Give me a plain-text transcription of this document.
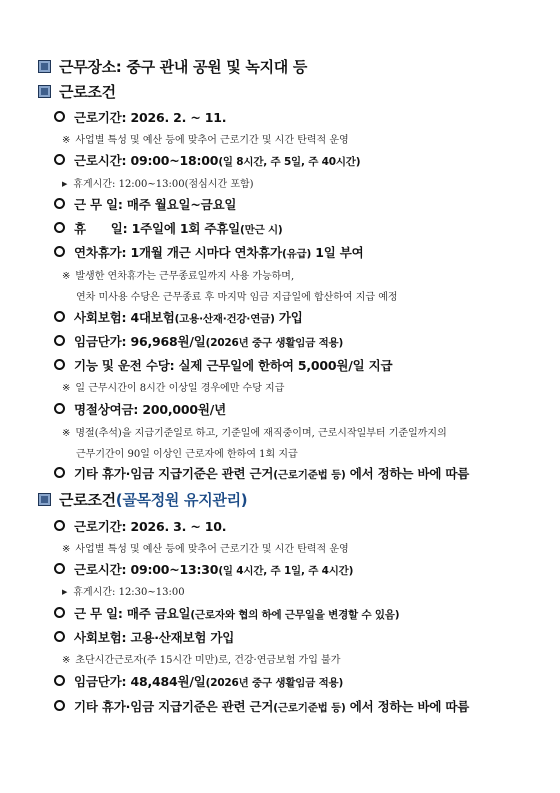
근무장소: 중구 관내 공원 및 녹지대 등
근로조건
근로기간: 2026. 2. ~ 11.
※ 사업별 특성 및 예산 등에 맞추어 근로기간 및 시간 탄력적 운영
근로시간: 09:00~18:00(일 8시간, 주 5일, 주 40시간)
▶ 휴게시간: 12:00~13:00(점심시간 포함)
근 무 일: 매주 월요일~금요일
휴      일: 1주일에 1회 주휴일(만근 시)
연차휴가: 1개월 개근 시마다 연차휴가(유급) 1일 부여
※ 발생한 연차휴가는 근무종료일까지 사용 가능하며,
연차 미사용 수당은 근무종료 후 마지막 임금 지급일에 합산하여 지급 예정
사회보험: 4대보험(고용·산재·건강·연금) 가입
임금단가: 96,968원/일(2026년 중구 생활임금 적용)
기능 및 운전 수당: 실제 근무일에 한하여 5,000원/일 지급
※ 일 근무시간이 8시간 이상일 경우에만 수당 지급
명절상여금: 200,000원/년
※ 명절(추석)을 지급기준일로 하고, 기준일에 재직중이며, 근로시작일부터 기준일까지의
근무기간이 90일 이상인 근로자에 한하여 1회 지급
기타 휴가·임금 지급기준은 관련 근거(근로기준법 등) 에서 정하는 바에 따름
근로조건(골목정원 유지관리)
근로기간: 2026. 3. ~ 10.
※ 사업별 특성 및 예산 등에 맞추어 근로기간 및 시간 탄력적 운영
근로시간: 09:00~13:30(일 4시간, 주 1일, 주 4시간)
▶ 휴게시간: 12:30~13:00
근 무 일: 매주 금요일(근로자와 협의 하에 근무일을 변경할 수 있음)
사회보험: 고용·산재보험 가입
※ 초단시간근로자(주 15시간 미만)로, 건강·연금보험 가입 불가
임금단가: 48,484원/일(2026년 중구 생활임금 적용)
기타 휴가·임금 지급기준은 관련 근거(근로기준법 등) 에서 정하는 바에 따름
